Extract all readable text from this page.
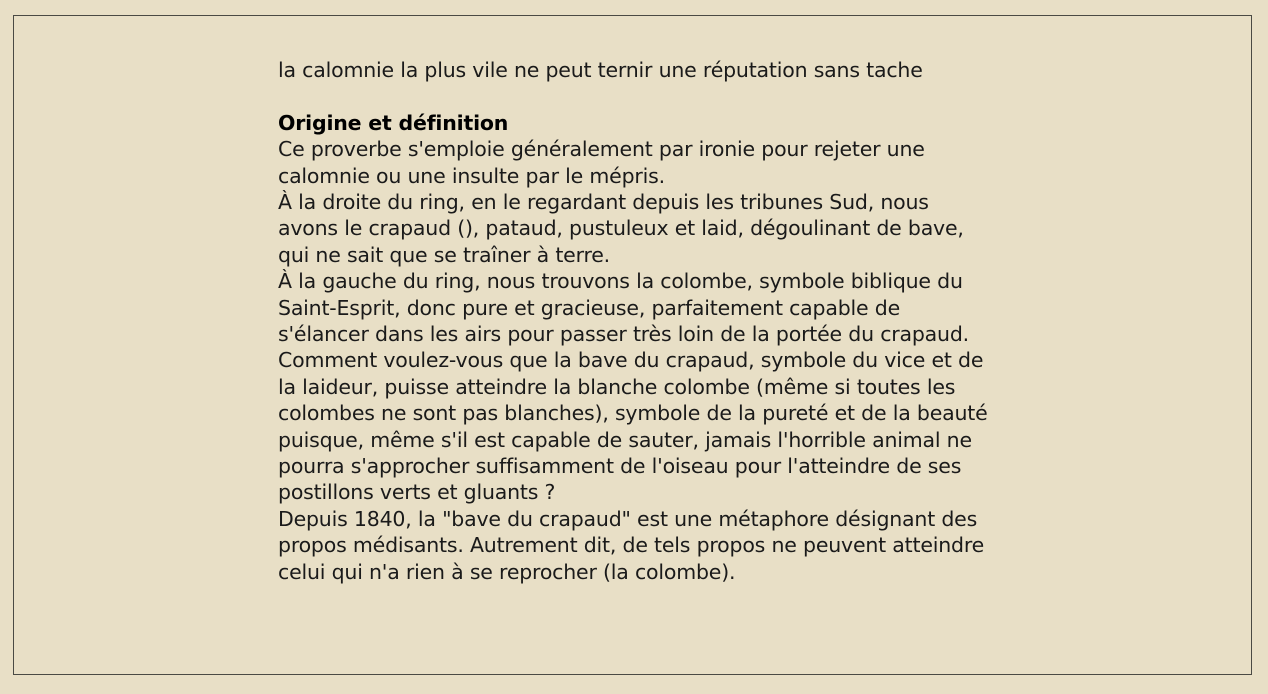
la calomnie la plus vile ne peut ternir une réputation sans tache

Origine et définition

Ce proverbe s'emploie généralement par ironie pour rejeter une calomnie ou une insulte par le mépris.

À la droite du ring, en le regardant depuis les tribunes Sud, nous avons le crapaud (), pataud, pustuleux et laid, dégoulinant de bave, qui ne sait que se traîner à terre.

À la gauche du ring, nous trouvons la colombe, symbole biblique du Saint-Esprit, donc pure et gracieuse, parfaitement capable de s'élancer dans les airs pour passer très loin de la portée du crapaud.

Comment voulez-vous que la bave du crapaud, symbole du vice et de la laideur, puisse atteindre la blanche colombe (même si toutes les colombes ne sont pas blanches), symbole de la pureté et de la beauté puisque, même s'il est capable de sauter, jamais l'horrible animal ne pourra s'approcher suffisamment de l'oiseau pour l'atteindre de ses postillons verts et gluants ?

Depuis 1840, la "bave du crapaud" est une métaphore désignant des propos médisants. Autrement dit, de tels propos ne peuvent atteindre celui qui n'a rien à se reprocher (la colombe).
